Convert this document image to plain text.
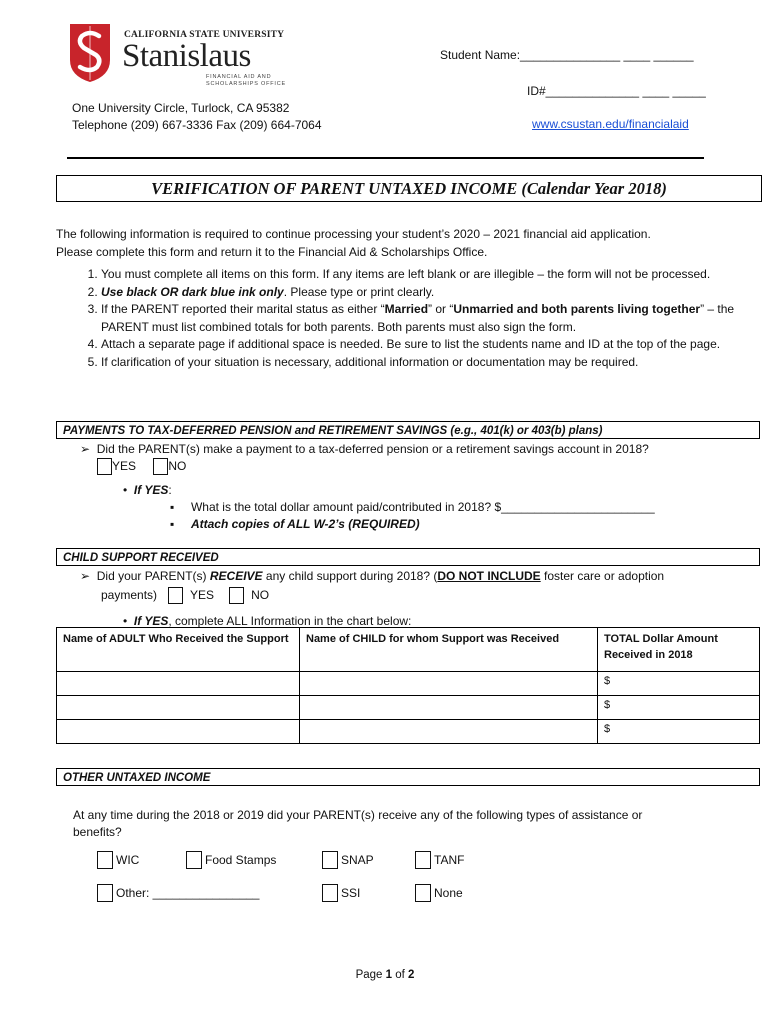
CALIFORNIA STATE UNIVERSITY
Stanislaus
FINANCIAL AID AND
SCHOLARSHIPS OFFICE
One University Circle, Turlock, CA 95382
Telephone (209) 667-3336 Fax (209) 664-7064
Student Name:_______________ ____ ______
ID#______________ ____ _____
www.csustan.edu/financialaid
VERIFICATION OF PARENT UNTAXED INCOME (Calendar Year 2018)
The following information is required to continue processing your student’s 2020 – 2021 financial aid application.
Please complete this form and return it to the Financial Aid & Scholarships Office.
1. You must complete all items on this form. If any items are left blank or are illegible – the form will not be processed.
2. Use black OR dark blue ink only. Please type or print clearly.
3. If the PARENT reported their marital status as either “Married” or “Unmarried and both parents living together” – the PARENT must list combined totals for both parents. Both parents must also sign the form.
4. Attach a separate page if additional space is needed. Be sure to list the students name and ID at the top of the page.
5. If clarification of your situation is necessary, additional information or documentation may be required.
PAYMENTS TO TAX-DEFERRED PENSION and RETIREMENT SAVINGS (e.g., 401(k) or 403(b) plans)
➢ Did the PARENT(s) make a payment to a tax-deferred pension or a retirement savings account in 2018?
YES	NO
• If YES:
▪ What is the total dollar amount paid/contributed in 2018? $_______________________
▪ Attach copies of ALL W-2’s (REQUIRED)
CHILD SUPPORT RECEIVED
➢ Did your PARENT(s) RECEIVE any child support during 2018? (DO NOT INCLUDE foster care or adoption
payments)	YES	NO
• If YES, complete ALL Information in the chart below:
Name of ADULT Who Received the Support	Name of CHILD for whom Support was Received	TOTAL Dollar Amount Received in 2018
		$
		$
		$
OTHER UNTAXED INCOME
At any time during the 2018 or 2019 did your PARENT(s) receive any of the following types of assistance or benefits?
WIC	Food Stamps	SNAP	TANF
Other: ________________	SSI	None
Page 1 of 2
